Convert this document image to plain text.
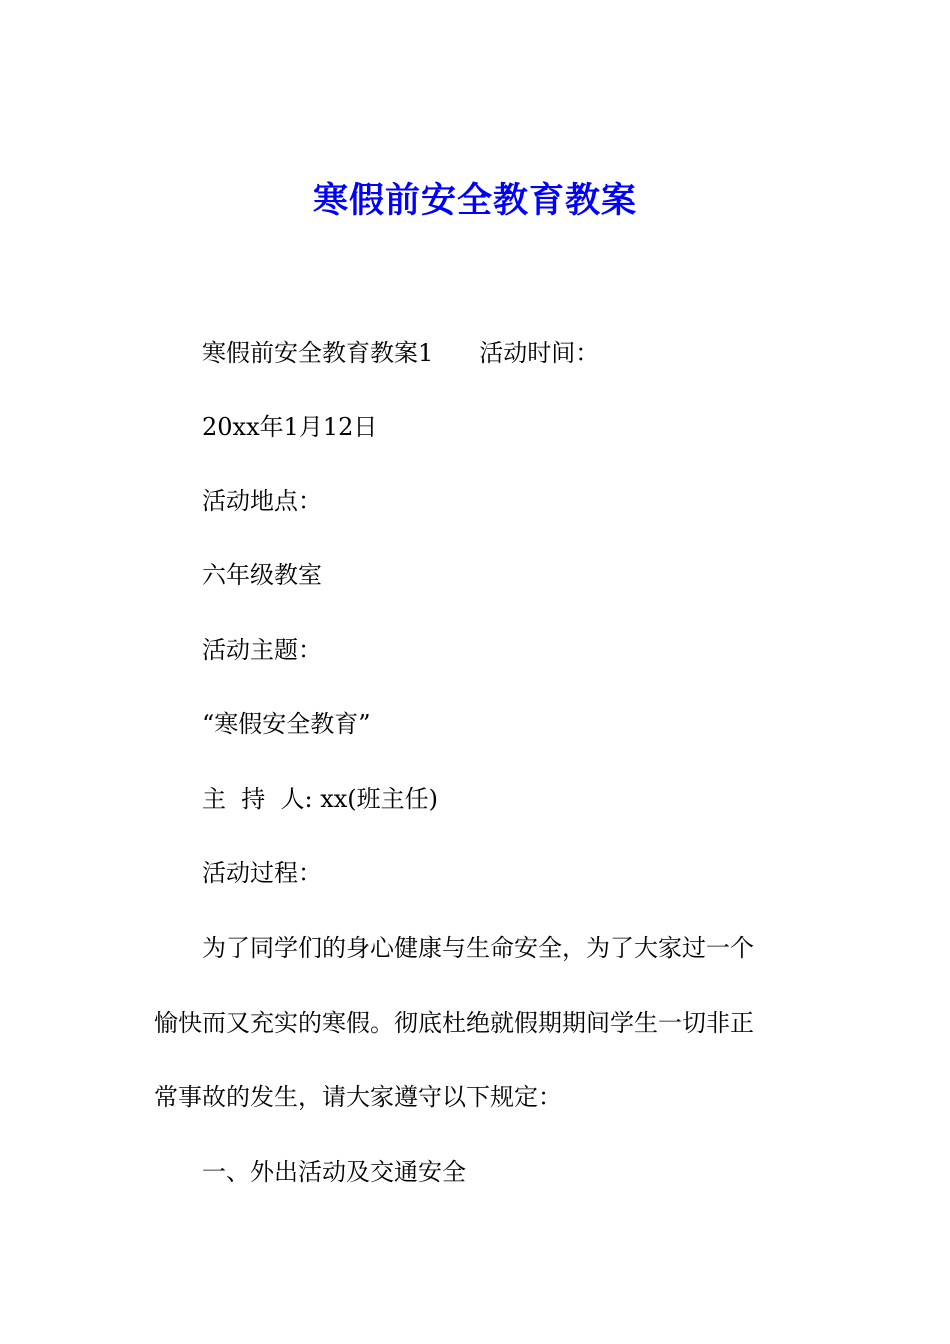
寒假前安全教育教案
寒假前安全教育教案1 活动时间：
20xx年1月12日
活动地点：
六年级教室
活动主题：
“寒假安全教育”
主  持  人: xx(班主任)
活动过程：
为了同学们的身心健康与生命安全，为了大家过一个
愉快而又充实的寒假。彻底杜绝就假期期间学生一切非正
常事故的发生，请大家遵守以下规定：
一、外出活动及交通安全
